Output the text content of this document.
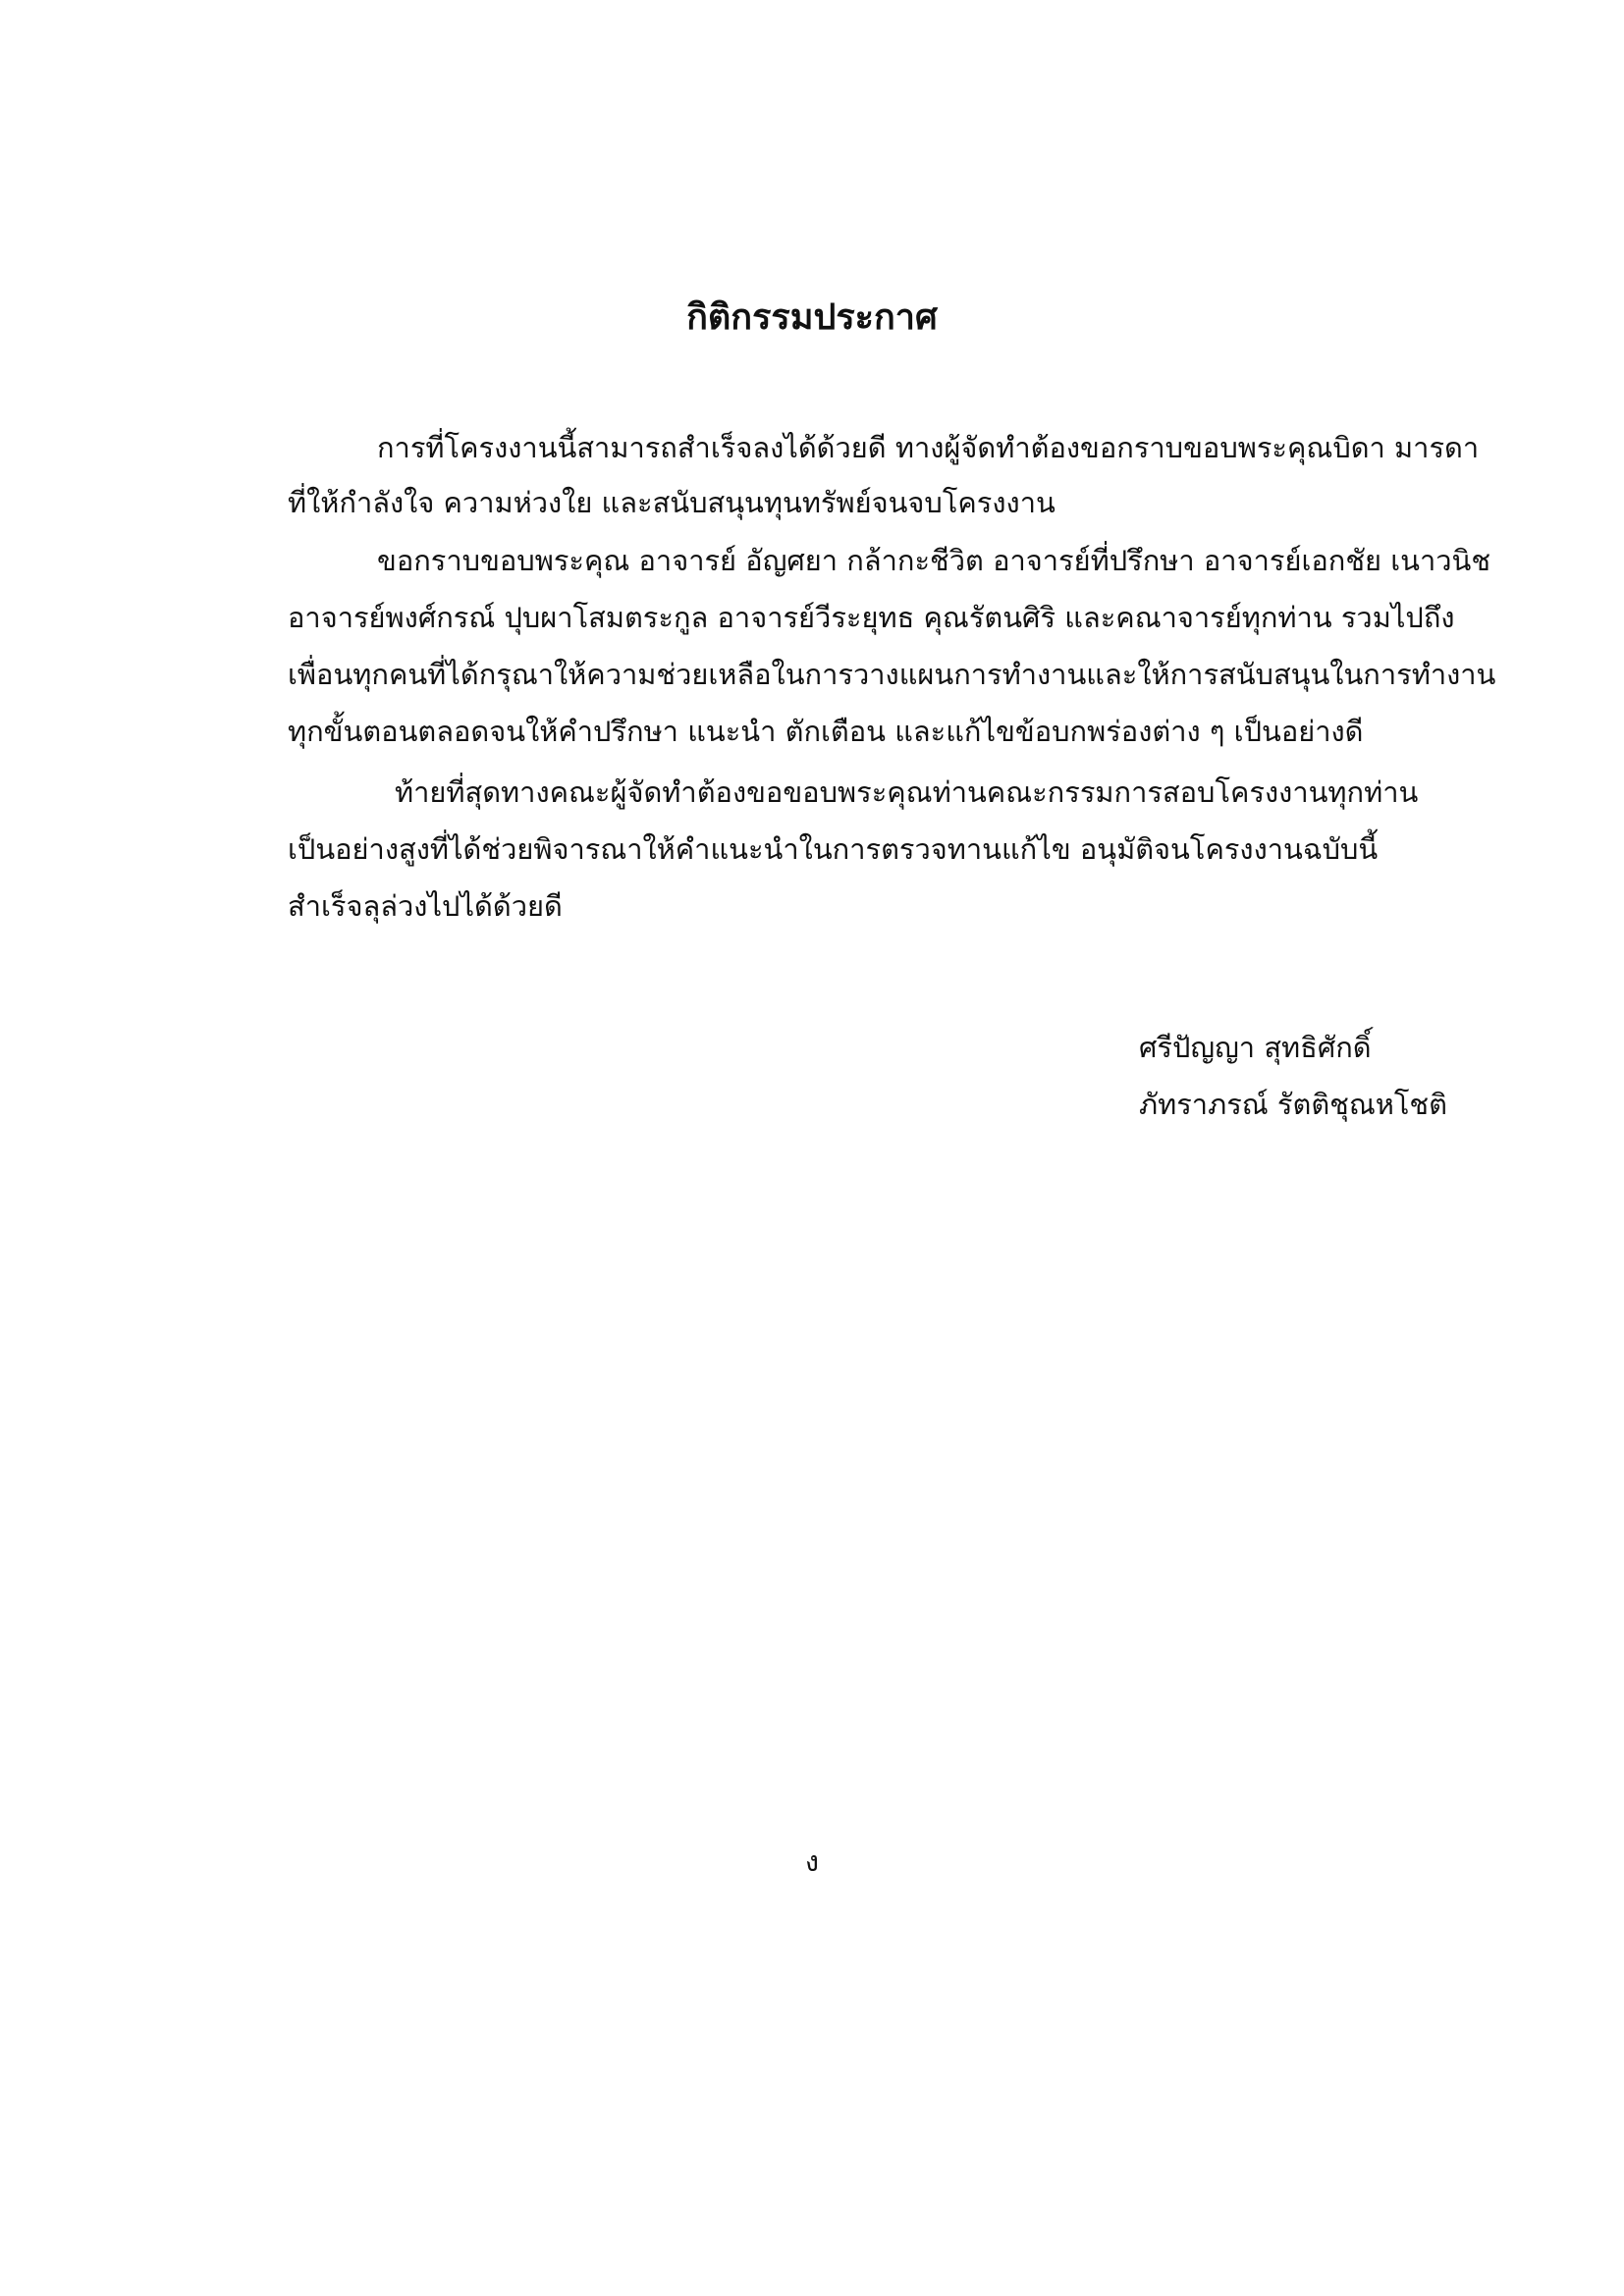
กิติกรรมประกาศ
การที่โครงงานนี้สามารถสำเร็จลงได้ด้วยดี ทางผู้จัดทำต้องขอกราบขอบพระคุณบิดา มารดา
ที่ให้กำลังใจ ความห่วงใย และสนับสนุนทุนทรัพย์จนจบโครงงาน
ขอกราบขอบพระคุณ อาจารย์ อัญศยา กล้ากะชีวิต อาจารย์ที่ปรึกษา อาจารย์เอกชัย เนาวนิช
อาจารย์พงศ์กรณ์ ปุบผาโสมตระกูล อาจารย์วีระยุทธ คุณรัตนศิริ และคณาจารย์ทุกท่าน รวมไปถึง
เพื่อนทุกคนที่ได้กรุณาให้ความช่วยเหลือในการวางแผนการทำงานและให้การสนับสนุนในการทำงาน
ทุกขั้นตอนตลอดจนให้คำปรึกษา แนะนำ ตักเตือน และแก้ไขข้อบกพร่องต่าง ๆ เป็นอย่างดี
ท้ายที่สุดทางคณะผู้จัดทำต้องขอขอบพระคุณท่านคณะกรรมการสอบโครงงานทุกท่าน
เป็นอย่างสูงที่ได้ช่วยพิจารณาให้คำแนะนำในการตรวจทานแก้ไข อนุมัติจนโครงงานฉบับนี้
สำเร็จลุล่วงไปได้ด้วยดี
ศรีปัญญา สุทธิศักดิ์
ภัทราภรณ์ รัตติชุณหโชติ
ง
